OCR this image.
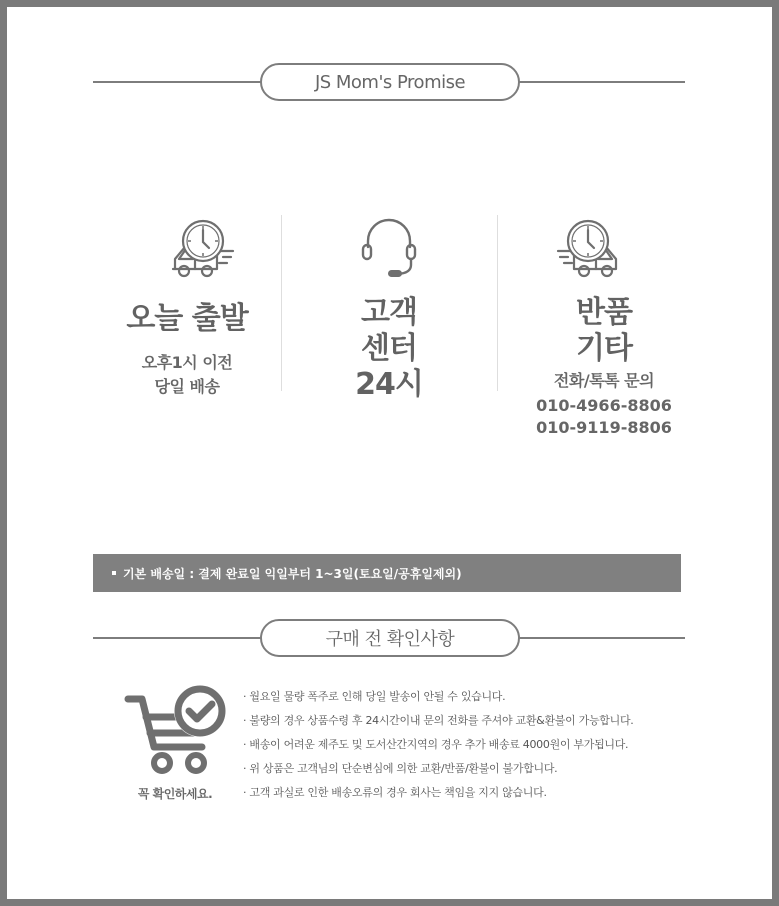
JS Mom's Promise
오늘 출발
오후1시 이전
당일 배송
고객
센터
24시
반품
기타
전화/톡톡 문의
010-4966-8806
010-9119-8806
기본 배송일 : 결제 완료일 익일부터 1~3일(토요일/공휴일제외)
구매 전 확인사항
꼭 확인하세요.
· 월요일 물량 폭주로 인해 당일 발송이 안될 수 있습니다.
· 불량의 경우 상품수령 후 24시간이내 문의 전화를 주셔야 교환&환불이 가능합니다.
· 배송이 어려운 제주도 및 도서산간지역의 경우 추가 배송료 4000원이 부가됩니다.
· 위 상품은 고객님의 단순변심에 의한 교환/반품/환불이 불가합니다.
· 고객 과실로 인한 배송오류의 경우 회사는 책임을 지지 않습니다.
